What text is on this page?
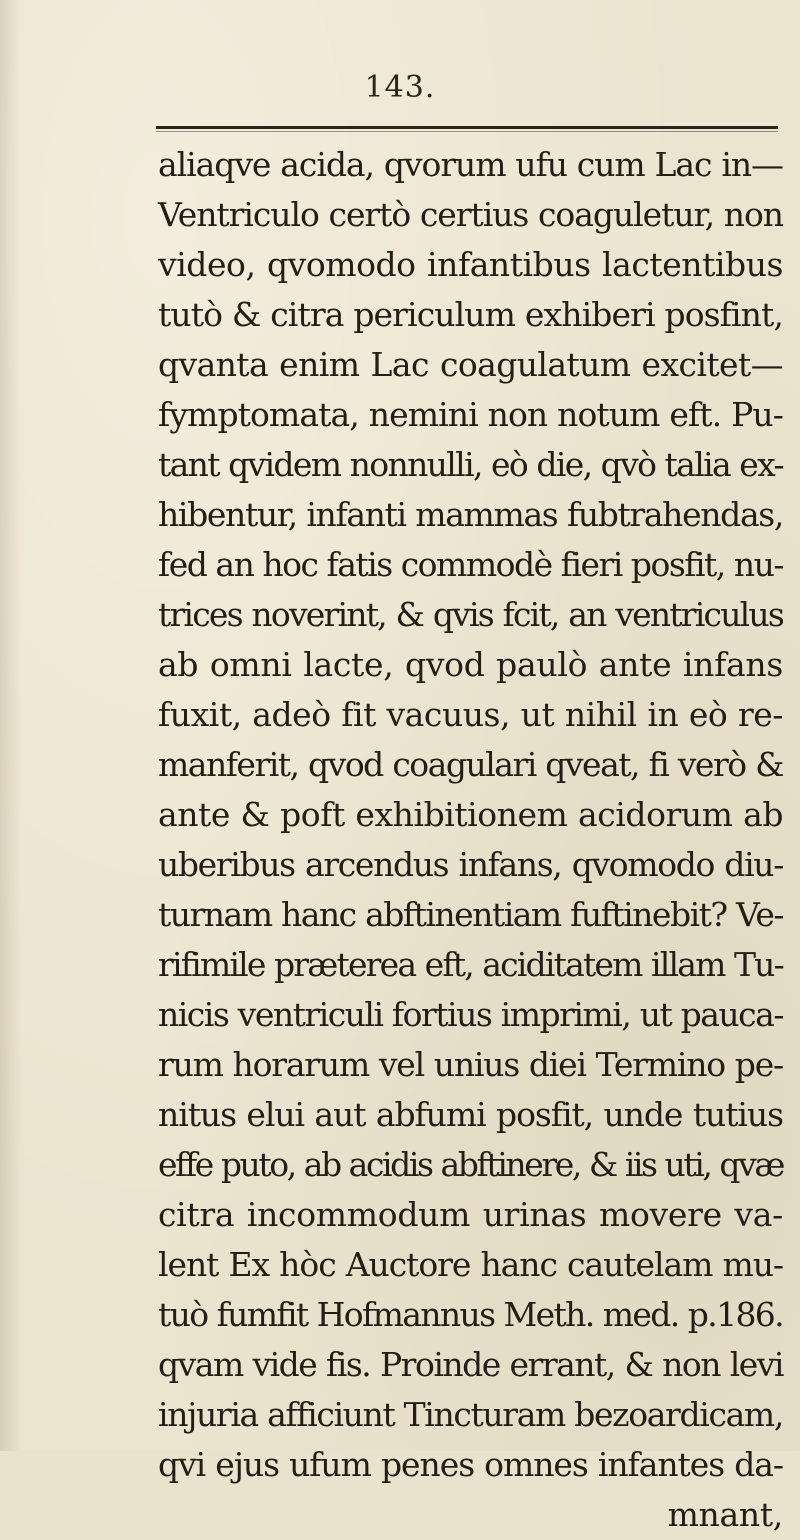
143.
aliaqve acida, qvorum ufu cum Lac in—
Ventriculo certò certius coaguletur, non
video, qvomodo infantibus lactentibus
tutò & citra periculum exhiberi posfint,
qvanta enim Lac coagulatum excitet—
fymptomata, nemini non notum eft. Pu-
tant qvidem nonnulli, eò die, qvò talia ex-
hibentur, infanti mammas fubtrahendas,
fed an hoc fatis commodè fieri posfit, nu-
trices noverint, & qvis fcit, an ventriculus
ab omni lacte, qvod paulò ante infans
fuxit, adeò fit vacuus, ut nihil in eò re-
manferit, qvod coagulari qveat, fi verò &
ante & poft exhibitionem acidorum ab
uberibus arcendus infans, qvomodo diu-
turnam hanc abftinentiam fuftinebit? Ve-
rifimile præterea eft, aciditatem illam Tu-
nicis ventriculi fortius imprimi, ut pauca-
rum horarum vel unius diei Termino pe-
nitus elui aut abfumi posfit, unde tutius
effe puto, ab acidis abftinere, & iis uti, qvæ
citra incommodum urinas movere va-
lent Ex hòc Auctore hanc cautelam mu-
tuò fumfit Hofmannus Meth. med. p.186.
qvam vide fis. Proinde errant, & non levi
injuria afficiunt Tincturam bezoardicam,
qvi ejus ufum penes omnes infantes da-
mnant,
